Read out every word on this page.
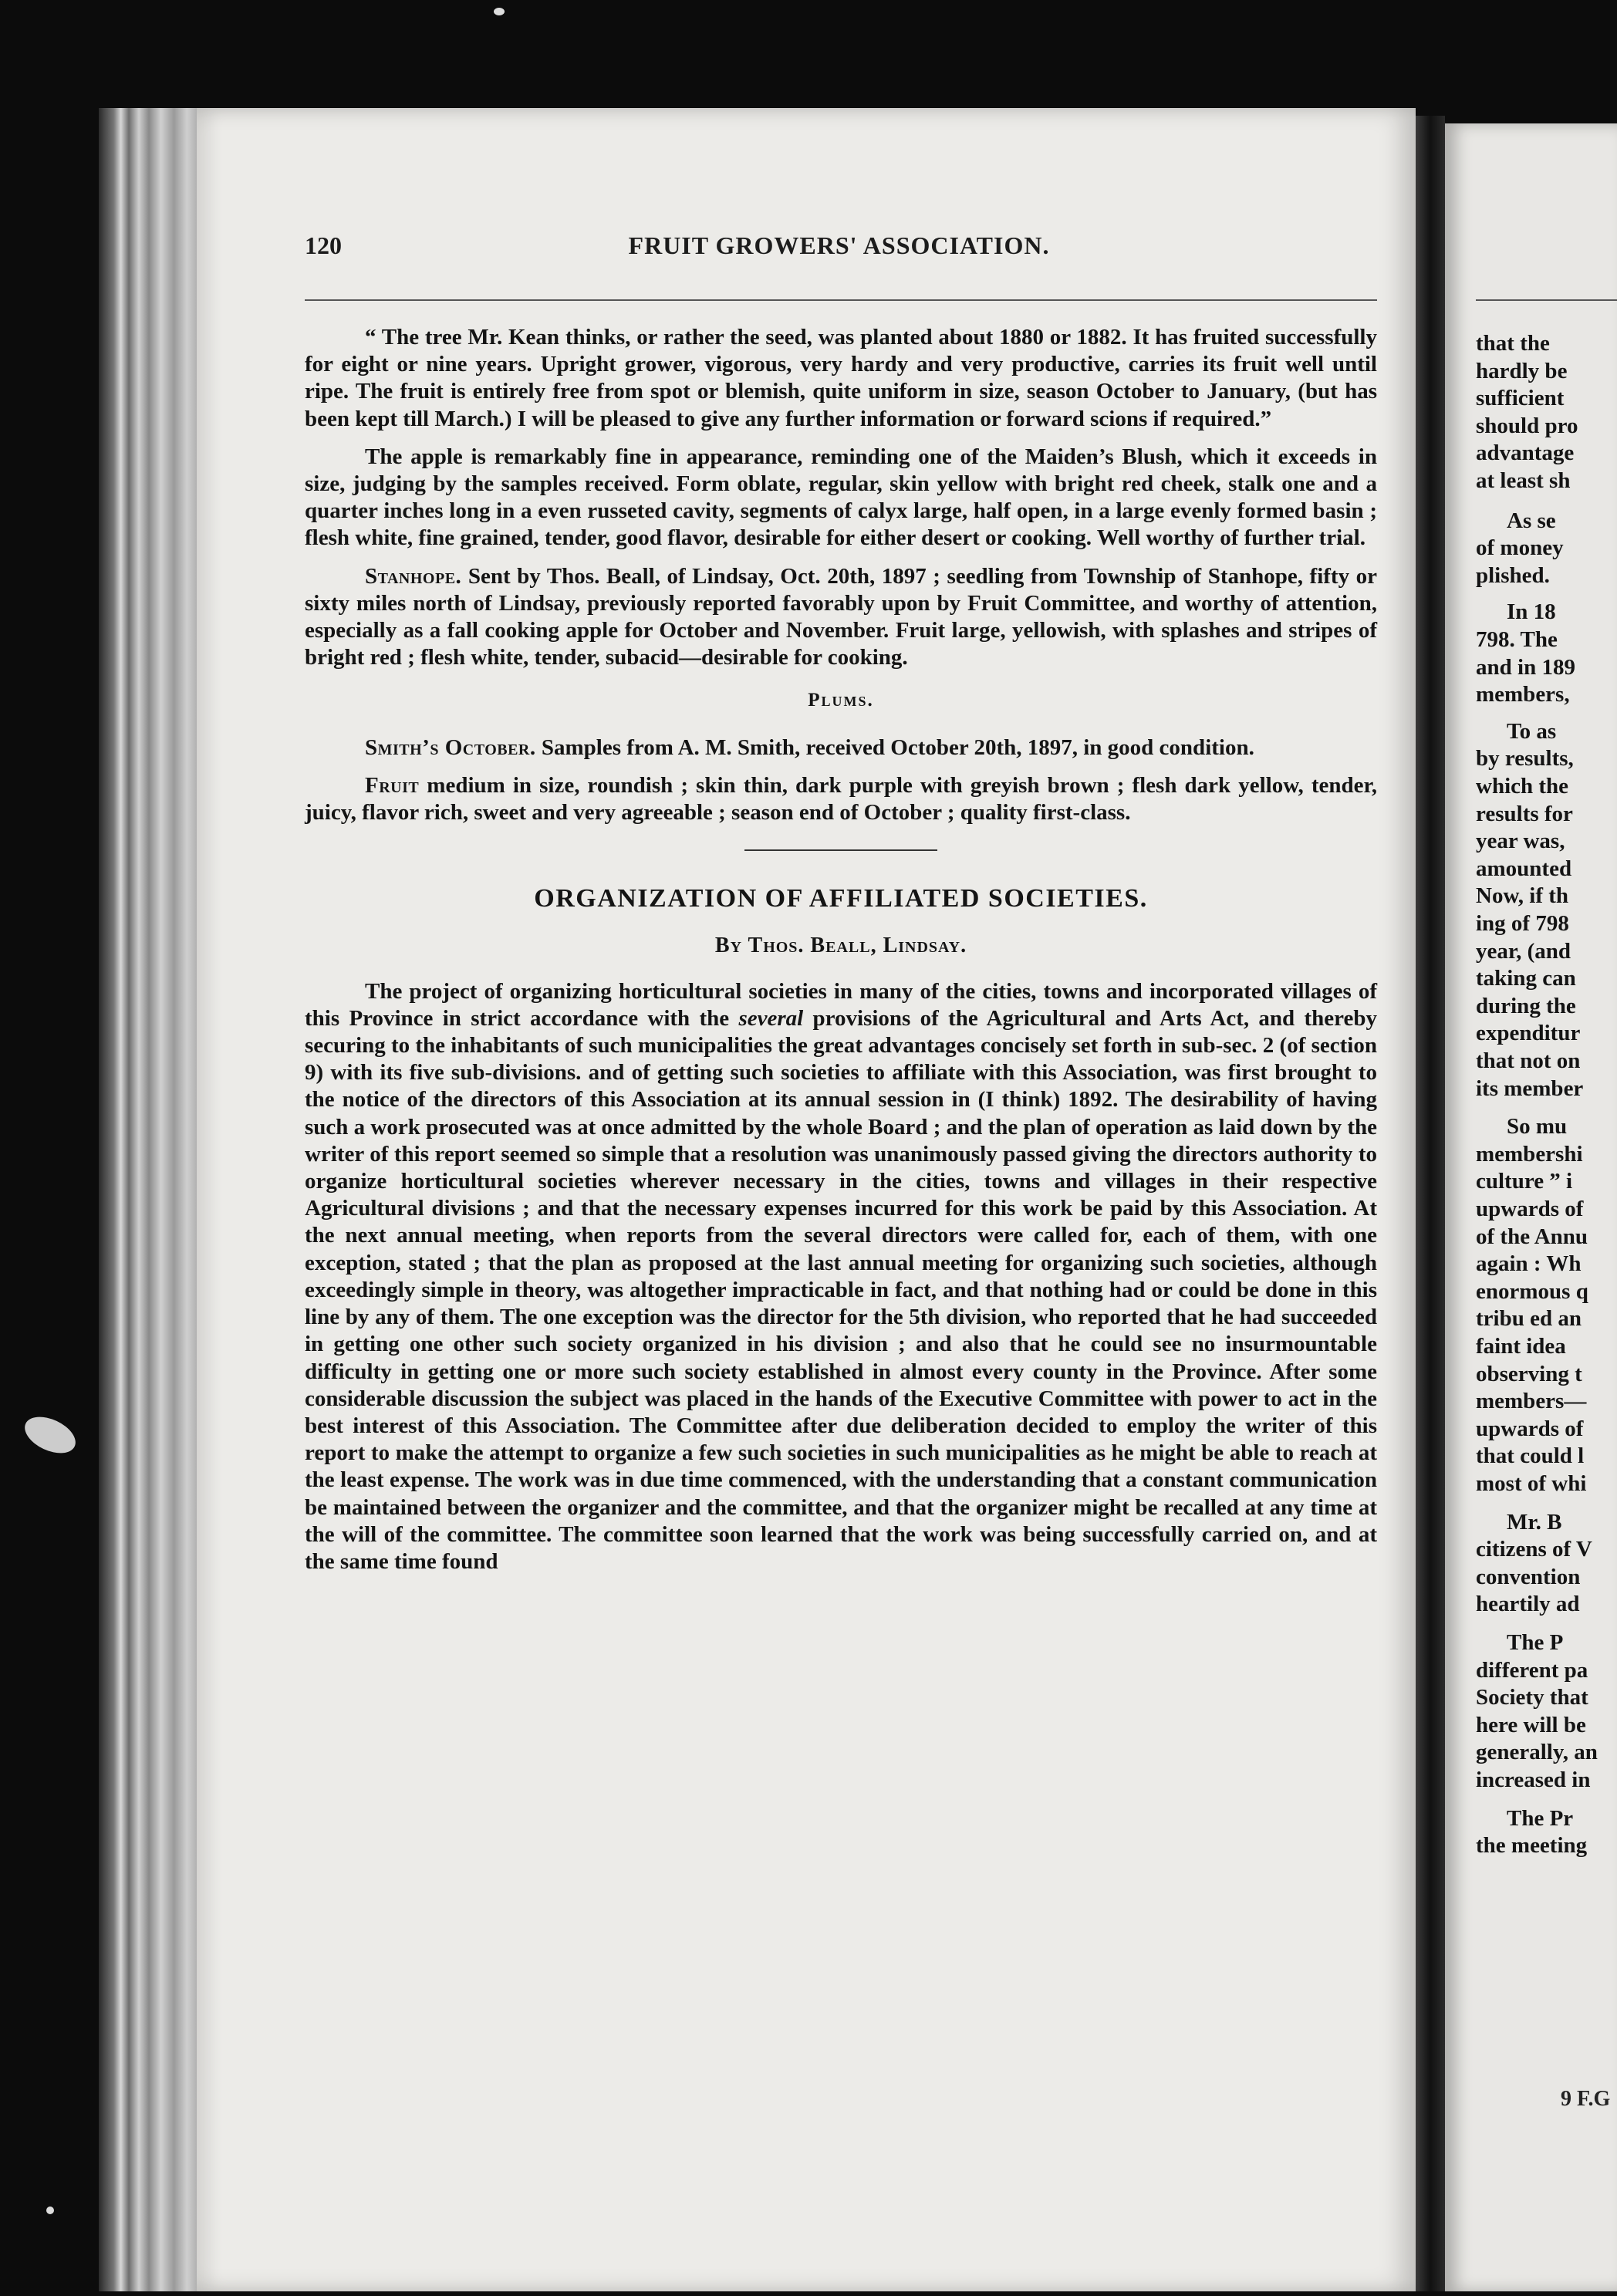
120	FRUIT GROWERS' ASSOCIATION.

“ The tree Mr. Kean thinks, or rather the seed, was planted about 1880 or 1882. It has fruited successfully for eight or nine years. Upright grower, vigorous, very hardy and very productive, carries its fruit well until ripe. The fruit is entirely free from spot or blemish, quite uniform in size, season October to January, (but has been kept till March.) I will be pleased to give any further information or forward scions if required.”

The apple is remarkably fine in appearance, reminding one of the Maiden’s Blush, which it exceeds in size, judging by the samples received. Form oblate, regular, skin yellow with bright red cheek, stalk one and a quarter inches long in a even russeted cavity, segments of calyx large, half open, in a large evenly formed basin ; flesh white, fine grained, tender, good flavor, desirable for either desert or cooking. Well worthy of further trial.

Stanhope. Sent by Thos. Beall, of Lindsay, Oct. 20th, 1897 ; seedling from Township of Stanhope, fifty or sixty miles north of Lindsay, previously reported favorably upon by Fruit Committee, and worthy of attention, especially as a fall cooking apple for October and November. Fruit large, yellowish, with splashes and stripes of bright red ; flesh white, tender, subacid—desirable for cooking.

Plums.

Smith’s October. Samples from A. M. Smith, received October 20th, 1897, in good condition.

Fruit medium in size, roundish ; skin thin, dark purple with greyish brown ; flesh dark yellow, tender, juicy, flavor rich, sweet and very agreeable ; season end of October ; quality first-class.

ORGANIZATION OF AFFILIATED SOCIETIES.

By Thos. Beall, Lindsay.

The project of organizing horticultural societies in many of the cities, towns and incorporated villages of this Province in strict accordance with the several provisions of the Agricultural and Arts Act, and thereby securing to the inhabitants of such municipalities the great advantages concisely set forth in sub-sec. 2 (of section 9) with its five sub-divisions. and of getting such societies to affiliate with this Association, was first brought to the notice of the directors of this Association at its annual session in (I think) 1892. The desirability of having such a work prosecuted was at once admitted by the whole Board ; and the plan of operation as laid down by the writer of this report seemed so simple that a resolution was unanimously passed giving the directors authority to organize horticultural societies wherever necessary in the cities, towns and villages in their respective Agricultural divisions ; and that the necessary expenses incurred for this work be paid by this Association. At the next annual meeting, when reports from the several directors were called for, each of them, with one exception, stated ; that the plan as proposed at the last annual meeting for organizing such societies, although exceedingly simple in theory, was altogether impracticable in fact, and that nothing had or could be done in this line by any of them. The one exception was the director for the 5th division, who reported that he had succeeded in getting one other such society organized in his division ; and also that he could see no insurmountable difficulty in getting one or more such society established in almost every county in the Province. After some considerable discussion the subject was placed in the hands of the Executive Committee with power to act in the best interest of this Association. The Committee after due deliberation decided to employ the writer of this report to make the attempt to organize a few such societies in such municipalities as he might be able to reach at the least expense. The work was in due time commenced, with the understanding that a constant communication be maintained between the organizer and the committee, and that the organizer might be recalled at any time at the will of the committee. The committee soon learned that the work was being successfully carried on, and at the same time found

that the
hardly be
sufficient
should pro
advantage
at least sh
As se
of money
plished.
In 18
798. The
and in 189
members,
To as
by results,
which the
results for
year was,
amounted
Now, if th
ing of 798
year, (and
taking can
during the
expenditur
that not on
its member
So mu
membershi
culture ” i
upwards of
of the Annu
again : Wh
enormous q
tribu ed an
faint idea
observing t
members—
upwards of
that could l
most of whi
Mr. B
citizens of V
convention
heartily ad
The P
different pa
Society that
here will be
generally, an
increased in
The Pr
the meeting
9 F.G
